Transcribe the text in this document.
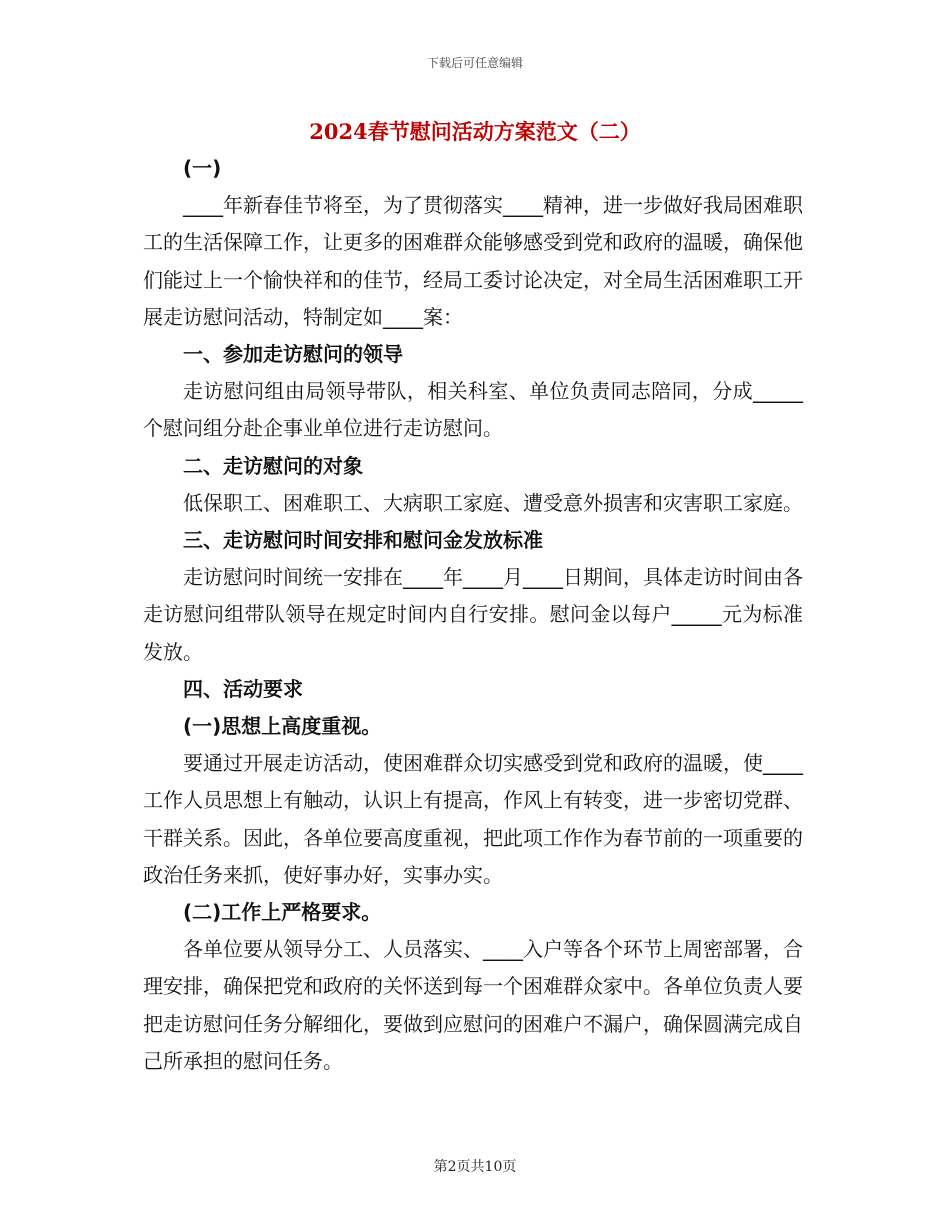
下载后可任意编辑
2024春节慰问活动方案范文（二）
(一)

____年新春佳节将至，为了贯彻落实____精神，进一步做好我局困难职工的生活保障工作，让更多的困难群众能够感受到党和政府的温暖，确保他们能过上一个愉快祥和的佳节，经局工委讨论决定，对全局生活困难职工开展走访慰问活动，特制定如____案：

一、参加走访慰问的领导

走访慰问组由局领导带队，相关科室、单位负责同志陪同，分成_____个慰问组分赴企事业单位进行走访慰问。

二、走访慰问的对象

低保职工、困难职工、大病职工家庭、遭受意外损害和灾害职工家庭。

三、走访慰问时间安排和慰问金发放标准

走访慰问时间统一安排在____年____月____日期间，具体走访时间由各走访慰问组带队领导在规定时间内自行安排。慰问金以每户_____元为标准发放。

四、活动要求
(一)思想上高度重视。

要通过开展走访活动，使困难群众切实感受到党和政府的温暖，使____工作人员思想上有触动，认识上有提高，作风上有转变，进一步密切党群、干群关系。因此，各单位要高度重视，把此项工作作为春节前的一项重要的政治任务来抓，使好事办好，实事办实。

(二)工作上严格要求。

各单位要从领导分工、人员落实、____入户等各个环节上周密部署，合理安排，确保把党和政府的关怀送到每一个困难群众家中。各单位负责人要把走访慰问任务分解细化，要做到应慰问的困难户不漏户，确保圆满完成自己所承担的慰问任务。

第2页共10页
